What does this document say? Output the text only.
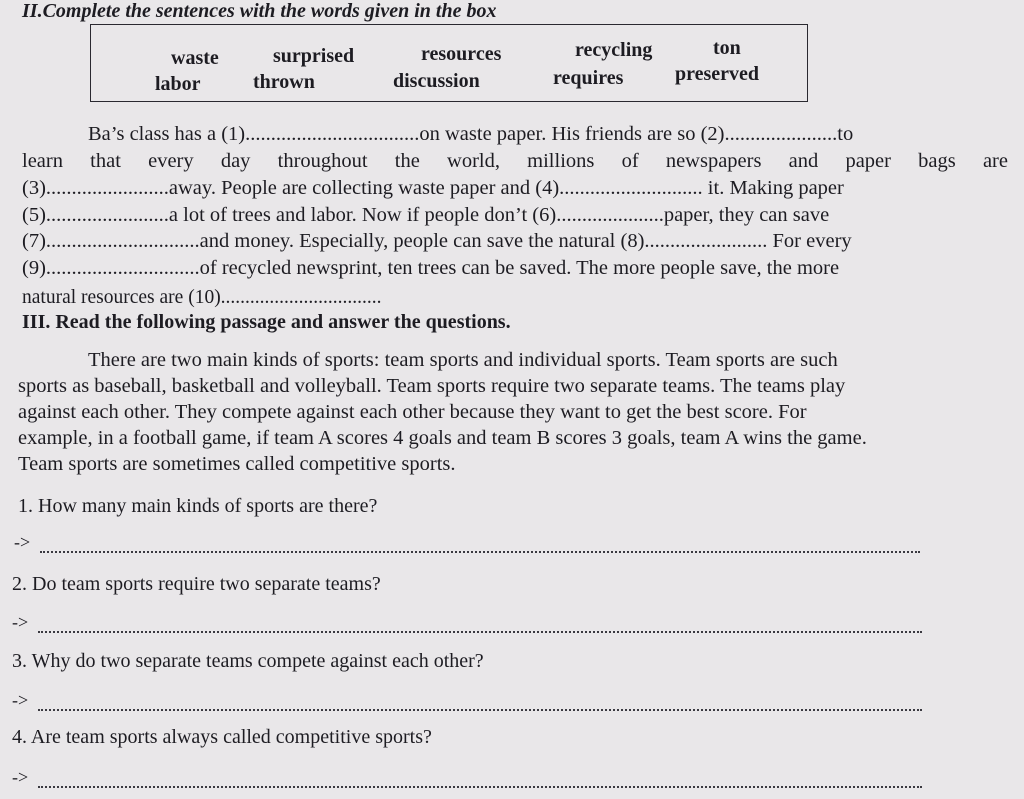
II.Complete the sentences with the words given in the box
waste	surprised	resources	recycling	ton
labor	thrown	discussion	requires	preserved
Ba’s class has a (1)..................................on waste paper. His friends are so (2)......................to
learn that every day throughout the world, millions of newspapers and paper bags are
(3)........................away. People are collecting waste paper and (4)............................ it. Making paper
(5)........................a lot of trees and labor. Now if people don’t (6).....................paper, they can save
(7)..............................and money. Especially, people can save the natural (8)........................ For every
(9)..............................of recycled newsprint, ten trees can be saved. The more people save, the more
natural resources are (10).................................
III. Read the following passage and answer the questions.
There are two main kinds of sports: team sports and individual sports. Team sports are such
sports as baseball, basketball and volleyball. Team sports require two separate teams. The teams play
against each other. They compete against each other because they want to get the best score. For
example, in a football game, if team A scores 4 goals and team B scores 3 goals, team A wins the game.
Team sports are sometimes called competitive sports.
1. How many main kinds of sports are there?
->
2. Do team sports require two separate teams?
->
3. Why do two separate teams compete against each other?
->
4. Are team sports always called competitive sports?
->
